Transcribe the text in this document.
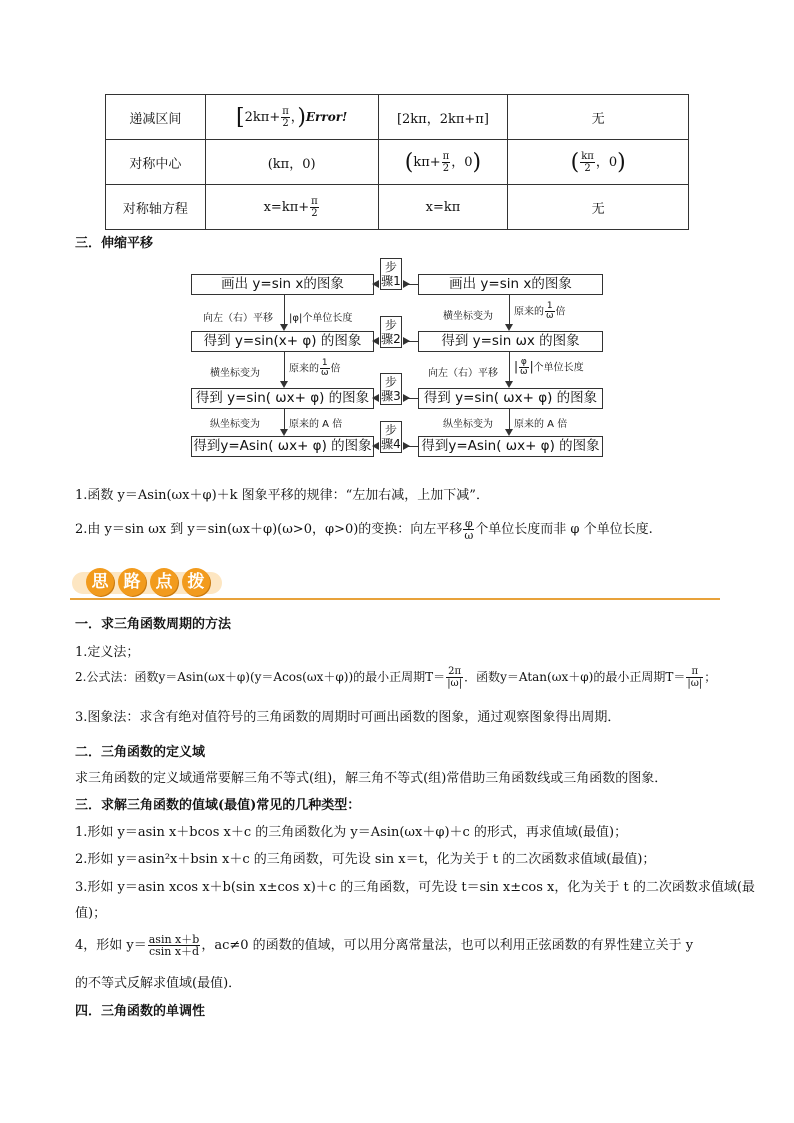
递减区间	[$2k\pi+ \frac{\pi}{2}$ ，)Error!	[2kπ，2kπ+π]	无
对称中心	(kπ，0)	($k\pi+ \frac{\pi}{2}$ ，0)	( $\frac{k\pi}{2}$ ，0)
对称轴方程	$x=k\pi+ \frac{\pi}{2}$	x=kπ	无
三．伸缩平移
画出 y=sin x的图象
得到 y=sin(x+ φ) 的图象
得到 y=sin( ωx+ φ) 的图象
得到y=Asin( ωx+ φ) 的图象
画出 y=sin x的图象
得到 y=sin ωx 的图象
得到 y=sin( ωx+ φ) 的图象
得到y=Asin( ωx+ φ) 的图象
步骤1
步骤2
步骤3
步骤4
向左（右）平移 |φ|个单位长度
横坐标变为	原来的 $\frac{1}{\omega}$ 倍
纵坐标变为	原来的 A 倍
横坐标变为 原来的 $\frac{1}{\omega}$ 倍
向左（右）平移 | $\frac{\varphi}{\omega}$ |个单位长度
纵坐标变为 原来的 A 倍
1.函数 y＝Asin(ωx＋φ)＋k 图象平移的规律：“左加右减，上加下减”．
2.由 y＝sin ωx 到 y＝sin(ωx＋φ)(ω>0，φ>0)的变换：向左平移 $\frac{\varphi}{\omega}$ 个单位长度而非 φ 个单位长度.
思 路 点 拨
一．求三角函数周期的方法
1.定义法；
2.公式法：函数y＝Asin(ωx＋φ)(y＝Acos(ωx＋φ))的最小正周期$T= \frac{2\pi}{|\omega|}$ ．函数y＝Atan(ωx＋φ)的最小正周期$T= \frac{\pi}{|\omega|}$ ；
3.图象法：求含有绝对值符号的三角函数的周期时可画出函数的图象，通过观察图象得出周期．
二．三角函数的定义域
求三角函数的定义域通常要解三角不等式(组)，解三角不等式(组)常借助三角函数线或三角函数的图象．
三．求解三角函数的值域(最值)常见的几种类型：
1.形如 y＝asin x＋bcos x＋c 的三角函数化为 y＝Asin(ωx＋φ)＋c 的形式，再求值域(最值)；
2.形如 y＝asin²x＋bsin x＋c 的三角函数，可先设 sin x＝t，化为关于 t 的二次函数求值域(最值)；
3.形如 y＝asin xcos x＋b(sin x±cos x)＋c 的三角函数，可先设 t＝sin x±cos x，化为关于 t 的二次函数求值域(最
值)；
4，形如 $y= \frac{\text{asin x＋b}}{\text{csin x＋d}}$ ，ac≠0 的函数的值域，可以用分离常量法，也可以利用正弦函数的有界性建立关于 y
的不等式反解求值域(最值)．
四．三角函数的单调性
